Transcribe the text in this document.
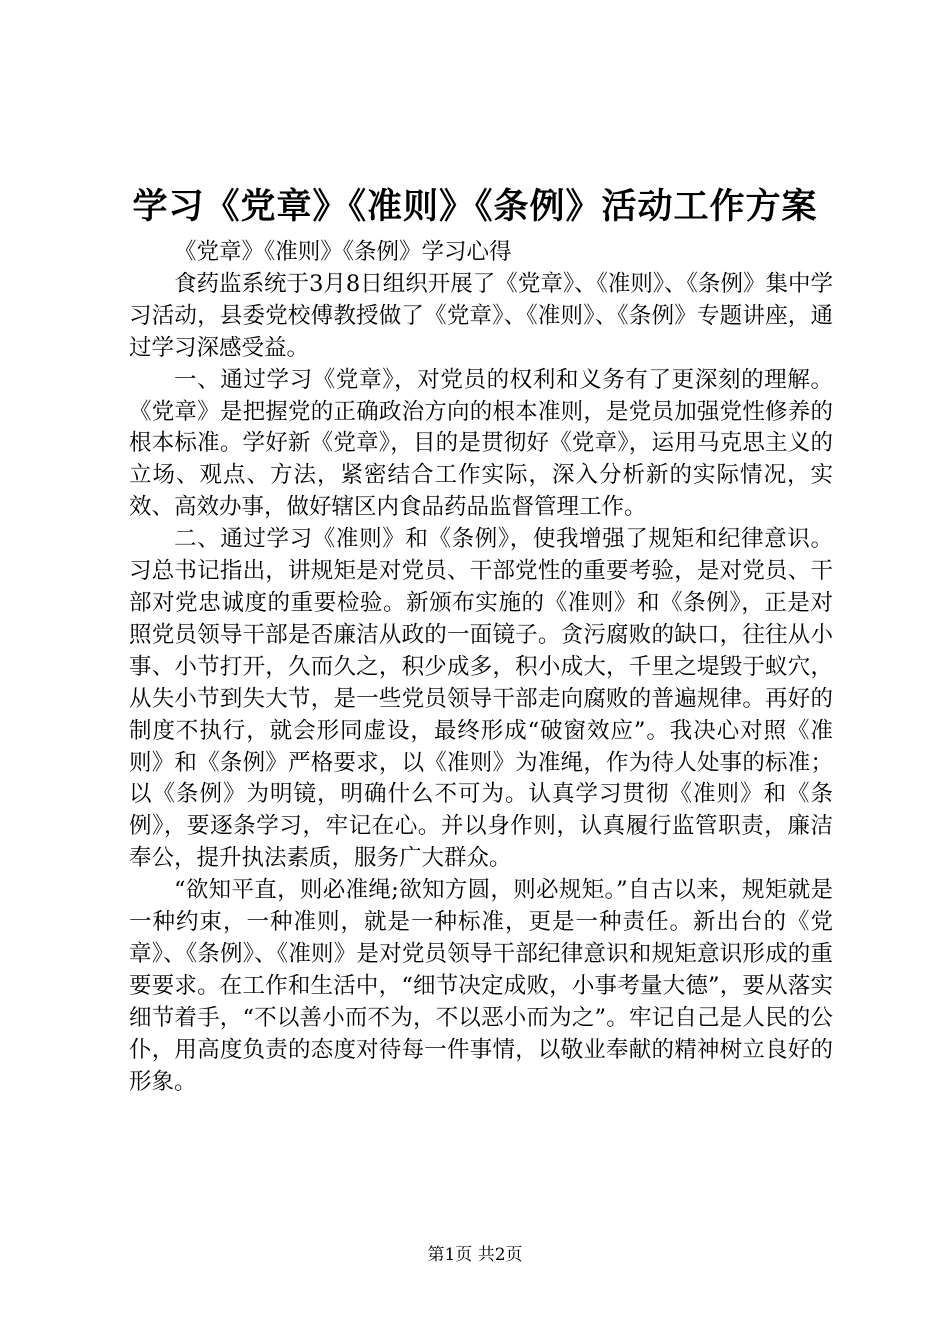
学习《党章》《准则》《条例》活动工作方案

《党章》《准则》《条例》学习心得

食药监系统于3月8日组织开展了《党章》、《准则》、《条例》集中学习活动，县委党校傅教授做了《党章》、《准则》、《条例》专题讲座，通过学习深感受益。

一、通过学习《党章》，对党员的权利和义务有了更深刻的理解。《党章》是把握党的正确政治方向的根本准则，是党员加强党性修养的根本标准。学好新《党章》，目的是贯彻好《党章》，运用马克思主义的立场、观点、方法，紧密结合工作实际，深入分析新的实际情况，实效、高效办事，做好辖区内食品药品监督管理工作。

二、通过学习《准则》和《条例》，使我增强了规矩和纪律意识。习总书记指出，讲规矩是对党员、干部党性的重要考验，是对党员、干部对党忠诚度的重要检验。新颁布实施的《准则》和《条例》，正是对照党员领导干部是否廉洁从政的一面镜子。贪污腐败的缺口，往往从小事、小节打开，久而久之，积少成多，积小成大，千里之堤毁于蚁穴，从失小节到失大节，是一些党员领导干部走向腐败的普遍规律。再好的制度不执行，就会形同虚设，最终形成“破窗效应”。我决心对照《准则》和《条例》严格要求，以《准则》为准绳，作为待人处事的标准；以《条例》为明镜，明确什么不可为。认真学习贯彻《准则》和《条例》，要逐条学习，牢记在心。并以身作则，认真履行监管职责，廉洁奉公，提升执法素质，服务广大群众。

“欲知平直，则必准绳;欲知方圆，则必规矩。”自古以来，规矩就是一种约束，一种准则，就是一种标准，更是一种责任。新出台的《党章》、《条例》、《准则》是对党员领导干部纪律意识和规矩意识形成的重要要求。在工作和生活中，“细节决定成败，小事考量大德”，要从落实细节着手，“不以善小而不为，不以恶小而为之”。牢记自己是人民的公仆，用高度负责的态度对待每一件事情，以敬业奉献的精神树立良好的形象。

第1页 共2页
